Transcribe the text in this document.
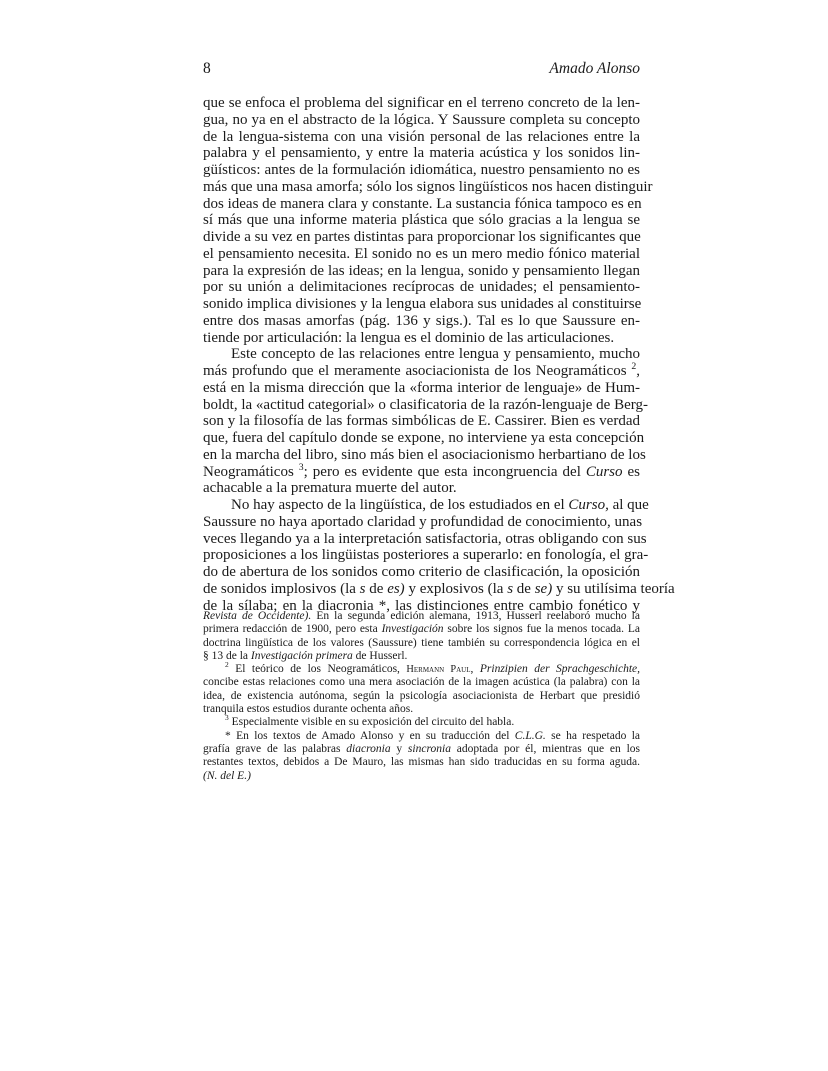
8	Amado Alonso
que se enfoca el problema del significar en el terreno concreto de la len-
gua, no ya en el abstracto de la lógica. Y Saussure completa su concepto
de la lengua-sistema con una visión personal de las relaciones entre la
palabra y el pensamiento, y entre la materia acústica y los sonidos lin-
güísticos: antes de la formulación idiomática, nuestro pensamiento no es
más que una masa amorfa; sólo los signos lingüísticos nos hacen distinguir
dos ideas de manera clara y constante. La sustancia fónica tampoco es en
sí más que una informe materia plástica que sólo gracias a la lengua se
divide a su vez en partes distintas para proporcionar los significantes que
el pensamiento necesita. El sonido no es un mero medio fónico material
para la expresión de las ideas; en la lengua, sonido y pensamiento llegan
por su unión a delimitaciones recíprocas de unidades; el pensamiento-
sonido implica divisiones y la lengua elabora sus unidades al constituirse
entre dos masas amorfas (pág. 136 y sigs.). Tal es lo que Saussure en-
tiende por articulación: la lengua es el dominio de las articulaciones.
Este concepto de las relaciones entre lengua y pensamiento, mucho
más profundo que el meramente asociacionista de los Neogramáticos $^2$,
está en la misma dirección que la «forma interior de lenguaje» de Hum-
boldt, la «actitud categorial» o clasificatoria de la razón-lenguaje de Berg-
son y la filosofía de las formas simbólicas de E. Cassirer. Bien es verdad
que, fuera del capítulo donde se expone, no interviene ya esta concepción
en la marcha del libro, sino más bien el asociacionismo herbartiano de los
Neogramáticos $^3$; pero es evidente que esta incongruencia del Curso es
achacable a la prematura muerte del autor.
No hay aspecto de la lingüística, de los estudiados en el Curso, al que
Saussure no haya aportado claridad y profundidad de conocimiento, unas
veces llegando ya a la interpretación satisfactoria, otras obligando con sus
proposiciones a los lingüistas posteriores a superarlo: en fonología, el gra-
do de abertura de los sonidos como criterio de clasificación, la oposición
de sonidos implosivos (la s de es) y explosivos (la s de se) y su utilísima teoría
de la sílaba; en la diacronia *, las distinciones entre cambio fonético y
Revista de Occidente). En la segunda edición alemana, 1913, Husserl reelaboró mucho la
primera redacción de 1900, pero esta Investigación sobre los signos fue la menos tocada. La
doctrina lingüística de los valores (Saussure) tiene también su correspondencia lógica en el
§ 13 de la Investigación primera de Husserl.
$^2$ El teórico de los Neogramáticos, Hermann Paul, Prinzipien der Sprachgeschichte,
concibe estas relaciones como una mera asociación de la imagen acústica (la palabra) con la
idea, de existencia autónoma, según la psicología asociacionista de Herbart que presidió
tranquila estos estudios durante ochenta años.
$^3$ Especialmente visible en su exposición del circuito del habla.
* En los textos de Amado Alonso y en su traducción del C.L.G. se ha respetado la
grafía grave de las palabras diacronia y sincronia adoptada por él, mientras que en los
restantes textos, debidos a De Mauro, las mismas han sido traducidas en su forma aguda.
(N. del E.)
